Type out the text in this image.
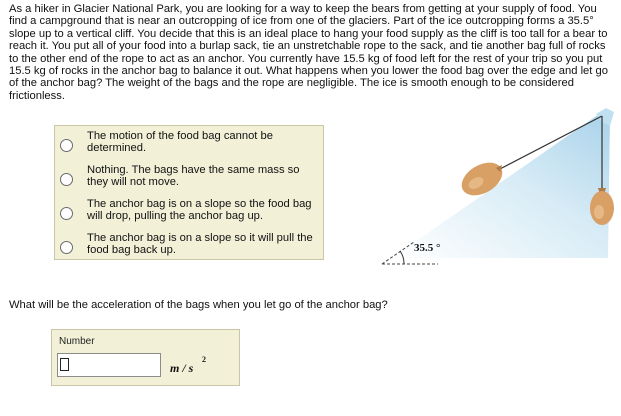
As a hiker in Glacier National Park, you are looking for a way to keep the bears from getting at your supply of food. You find a campground that is near an outcropping of ice from one of the glaciers. Part of the ice outcropping forms a 35.5° slope up to a vertical cliff. You decide that this is an ideal place to hang your food supply as the cliff is too tall for a bear to reach it. You put all of your food into a burlap sack, tie an unstretchable rope to the sack, and tie another bag full of rocks to the other end of the rope to act as an anchor. You currently have 15.5 kg of food left for the rest of your trip so you put 15.5 kg of rocks in the anchor bag to balance it out. What happens when you lower the food bag over the edge and let go of the anchor bag? The weight of the bags and the rope are negligible. The ice is smooth enough to be considered frictionless.

The motion of the food bag cannot be determined.
Nothing. The bags have the same mass so they will not move.
The anchor bag is on a slope so the food bag will drop, pulling the anchor bag up.
The anchor bag is on a slope so it will pull the food bag back up.	35.5 °

What will be the acceleration of the bags when you let go of the anchor bag?

Number
m / s
2
